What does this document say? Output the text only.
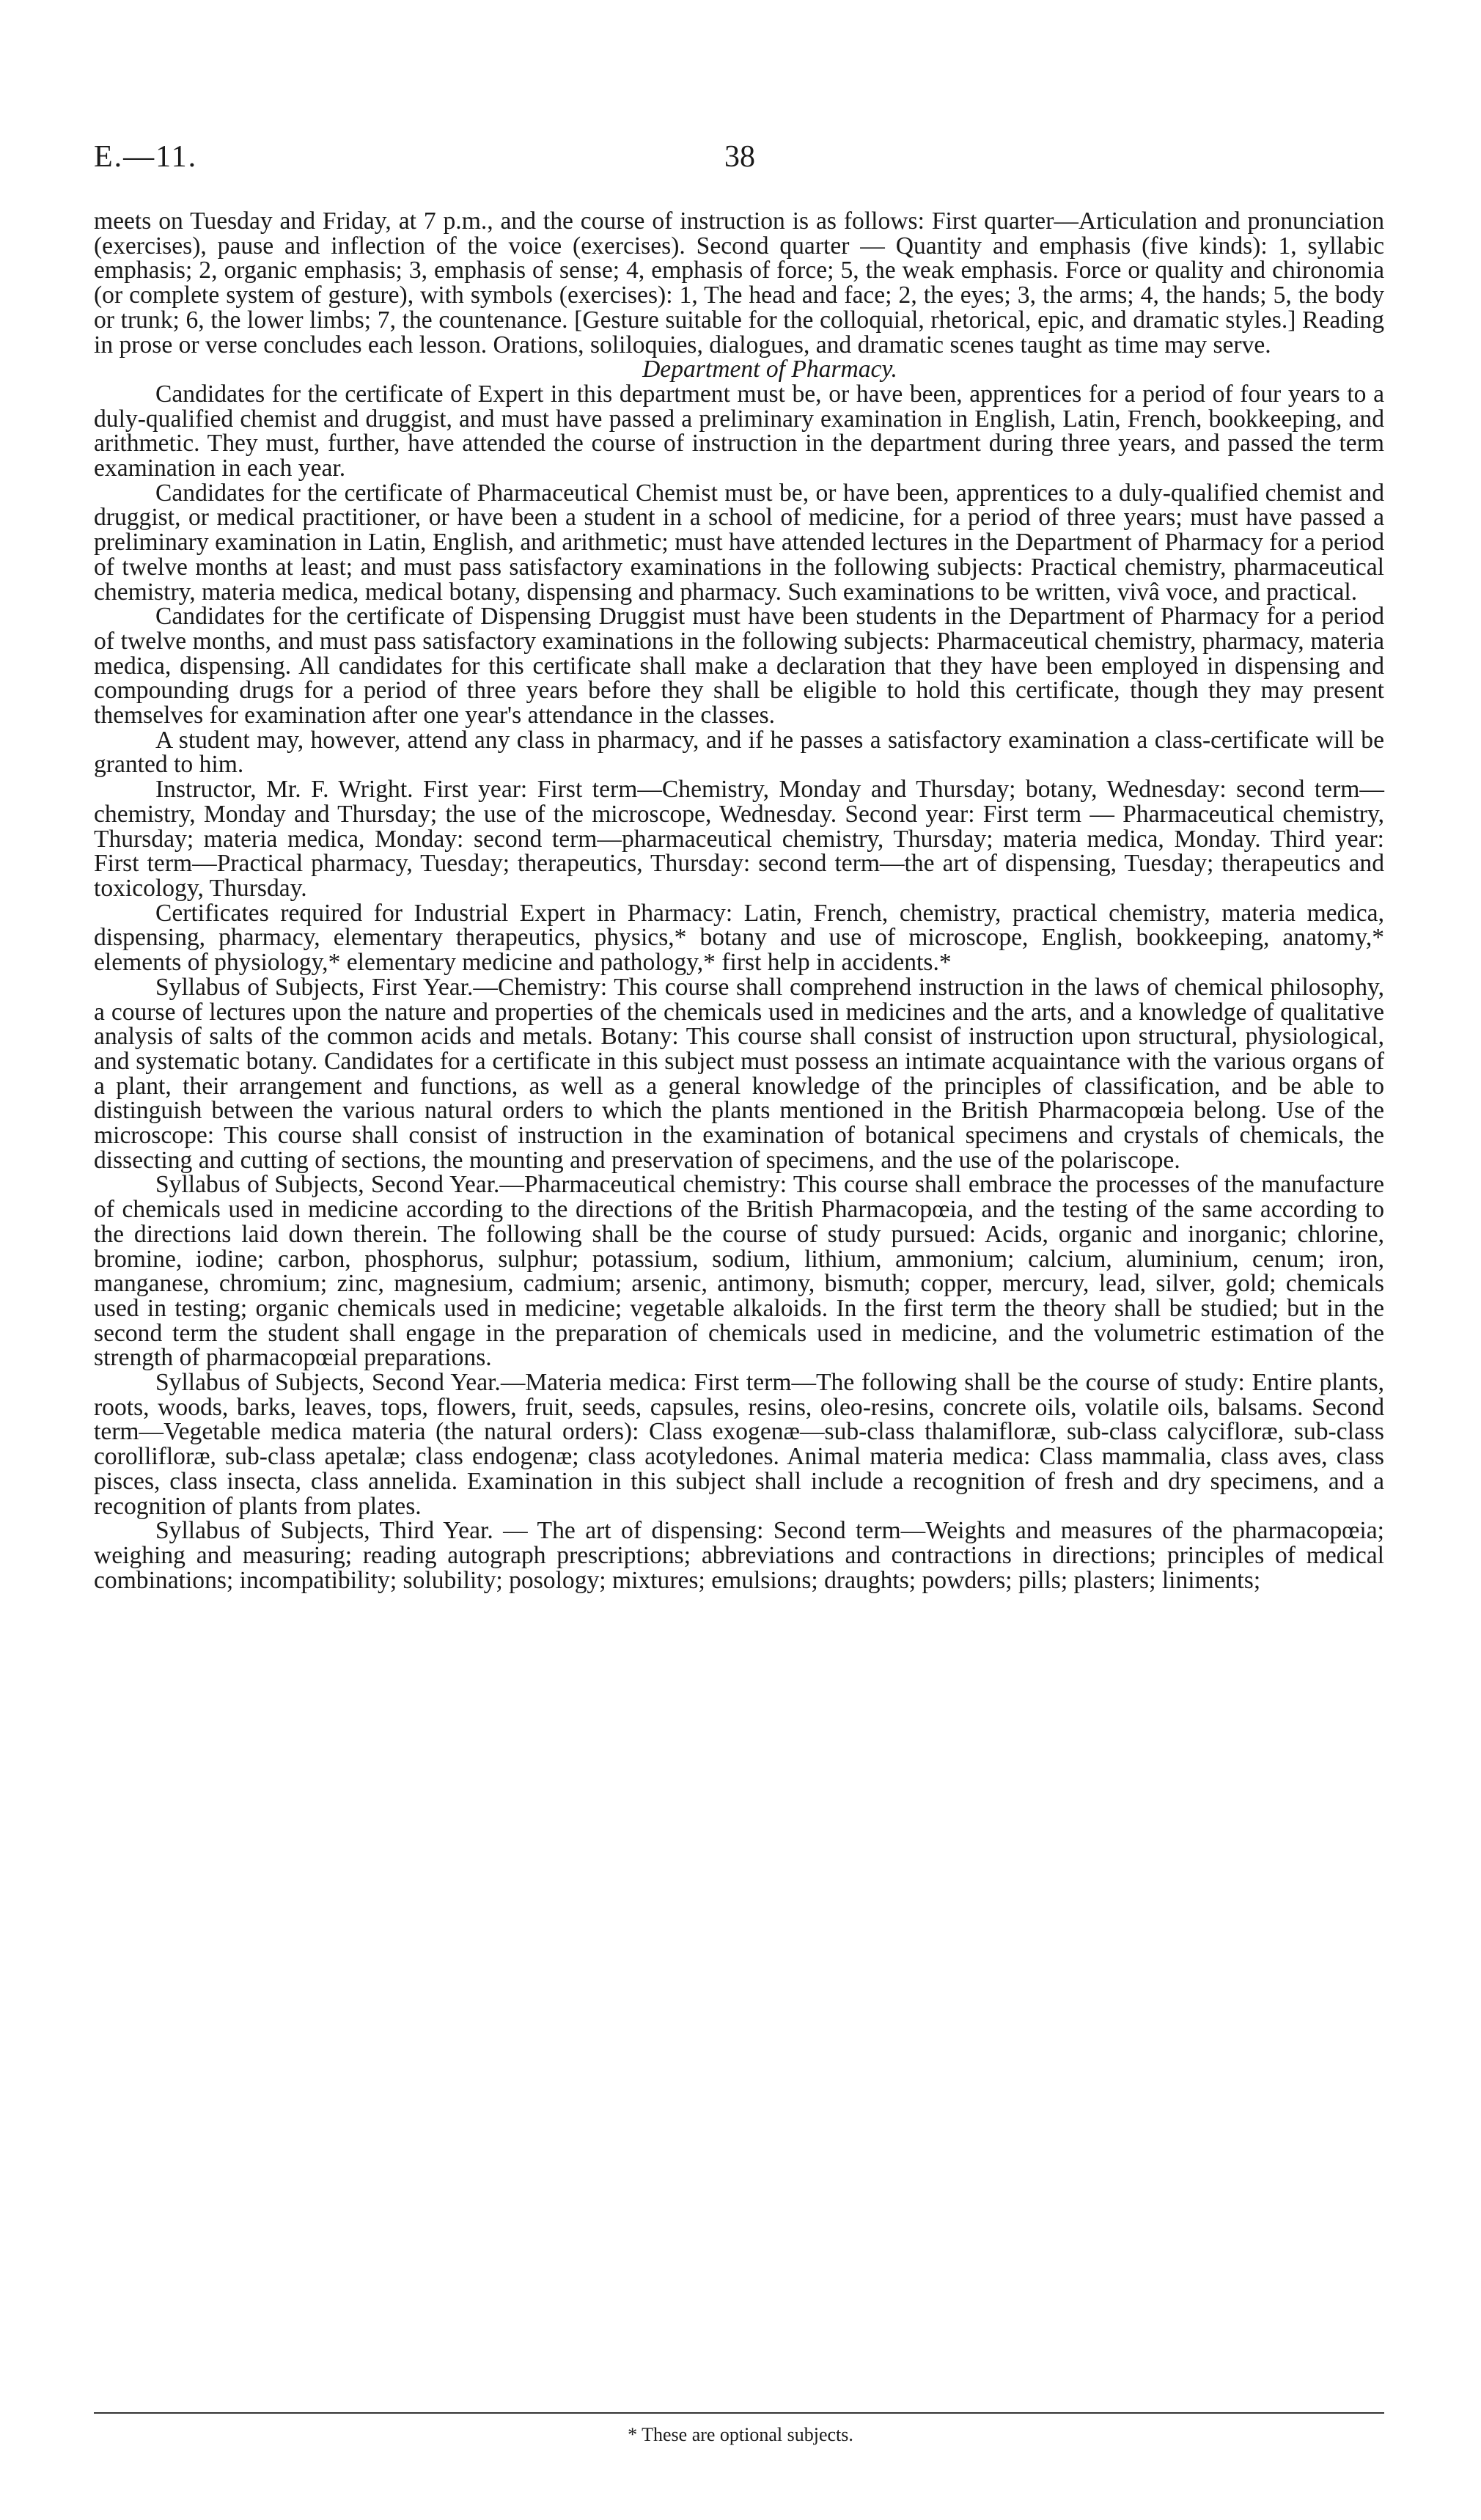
E.—11.	38

meets on Tuesday and Friday, at 7 p.m., and the course of instruction is as follows: First quarter—Articulation and pronunciation (exercises), pause and inflection of the voice (exercises). Second quarter — Quantity and emphasis (five kinds): 1, syllabic emphasis; 2, organic emphasis; 3, emphasis of sense; 4, emphasis of force; 5, the weak emphasis. Force or quality and chironomia (or complete system of gesture), with symbols (exercises): 1, The head and face; 2, the eyes; 3, the arms; 4, the hands; 5, the body or trunk; 6, the lower limbs; 7, the countenance. [Gesture suitable for the colloquial, rhetorical, epic, and dramatic styles.] Reading in prose or verse concludes each lesson. Orations, soliloquies, dialogues, and dramatic scenes taught as time may serve.

Department of Pharmacy.

Candidates for the certificate of Expert in this department must be, or have been, apprentices for a period of four years to a duly-qualified chemist and druggist, and must have passed a preliminary examination in English, Latin, French, bookkeeping, and arithmetic. They must, further, have attended the course of instruction in the department during three years, and passed the term examination in each year.

Candidates for the certificate of Pharmaceutical Chemist must be, or have been, apprentices to a duly-qualified chemist and druggist, or medical practitioner, or have been a student in a school of medicine, for a period of three years; must have passed a preliminary examination in Latin, English, and arithmetic; must have attended lectures in the Department of Pharmacy for a period of twelve months at least; and must pass satisfactory examinations in the following subjects: Practical chemistry, pharmaceutical chemistry, materia medica, medical botany, dispensing and pharmacy. Such examinations to be written, vivâ voce, and practical.

Candidates for the certificate of Dispensing Druggist must have been students in the Department of Pharmacy for a period of twelve months, and must pass satisfactory examinations in the following subjects: Pharmaceutical chemistry, pharmacy, materia medica, dispensing. All candidates for this certificate shall make a declaration that they have been employed in dispensing and compounding drugs for a period of three years before they shall be eligible to hold this certificate, though they may present themselves for examination after one year's attendance in the classes.

A student may, however, attend any class in pharmacy, and if he passes a satisfactory examination a class-certificate will be granted to him.

Instructor, Mr. F. Wright. First year: First term—Chemistry, Monday and Thursday; botany, Wednesday: second term—chemistry, Monday and Thursday; the use of the microscope, Wednesday. Second year: First term — Pharmaceutical chemistry, Thursday; materia medica, Monday: second term—pharmaceutical chemistry, Thursday; materia medica, Monday. Third year: First term—Practical pharmacy, Tuesday; therapeutics, Thursday: second term—the art of dispensing, Tuesday; therapeutics and toxicology, Thursday.

Certificates required for Industrial Expert in Pharmacy: Latin, French, chemistry, practical chemistry, materia medica, dispensing, pharmacy, elementary therapeutics, physics,* botany and use of microscope, English, bookkeeping, anatomy,* elements of physiology,* elementary medicine and pathology,* first help in accidents.*

Syllabus of Subjects, First Year.—Chemistry: This course shall comprehend instruction in the laws of chemical philosophy, a course of lectures upon the nature and properties of the chemicals used in medicines and the arts, and a knowledge of qualitative analysis of salts of the common acids and metals. Botany: This course shall consist of instruction upon structural, physiological, and systematic botany. Candidates for a certificate in this subject must possess an intimate acquaintance with the various organs of a plant, their arrangement and functions, as well as a general knowledge of the principles of classification, and be able to distinguish between the various natural orders to which the plants mentioned in the British Pharmacopœia belong. Use of the microscope: This course shall consist of instruction in the examination of botanical specimens and crystals of chemicals, the dissecting and cutting of sections, the mounting and preservation of specimens, and the use of the polariscope.

Syllabus of Subjects, Second Year.—Pharmaceutical chemistry: This course shall embrace the processes of the manufacture of chemicals used in medicine according to the directions of the British Pharmacopœia, and the testing of the same according to the directions laid down therein. The following shall be the course of study pursued: Acids, organic and inorganic; chlorine, bromine, iodine; carbon, phosphorus, sulphur; potassium, sodium, lithium, ammonium; calcium, aluminium, cenum; iron, manganese, chromium; zinc, magnesium, cadmium; arsenic, antimony, bismuth; copper, mercury, lead, silver, gold; chemicals used in testing; organic chemicals used in medicine; vegetable alkaloids. In the first term the theory shall be studied; but in the second term the student shall engage in the preparation of chemicals used in medicine, and the volumetric estimation of the strength of pharmacopœial preparations.

Syllabus of Subjects, Second Year.—Materia medica: First term—The following shall be the course of study: Entire plants, roots, woods, barks, leaves, tops, flowers, fruit, seeds, capsules, resins, oleo-resins, concrete oils, volatile oils, balsams. Second term—Vegetable medica materia (the natural orders): Class exogenæ—sub-class thalamifloræ, sub-class calycifloræ, sub-class corollifloræ, sub-class apetalæ; class endogenæ; class acotyledones. Animal materia medica: Class mammalia, class aves, class pisces, class insecta, class annelida. Examination in this subject shall include a recognition of fresh and dry specimens, and a recognition of plants from plates.

Syllabus of Subjects, Third Year. — The art of dispensing: Second term—Weights and measures of the pharmacopœia; weighing and measuring; reading autograph prescriptions; abbreviations and contractions in directions; principles of medical combinations; incompatibility; solubility; posology; mixtures; emulsions; draughts; powders; pills; plasters; liniments;

* These are optional subjects.
